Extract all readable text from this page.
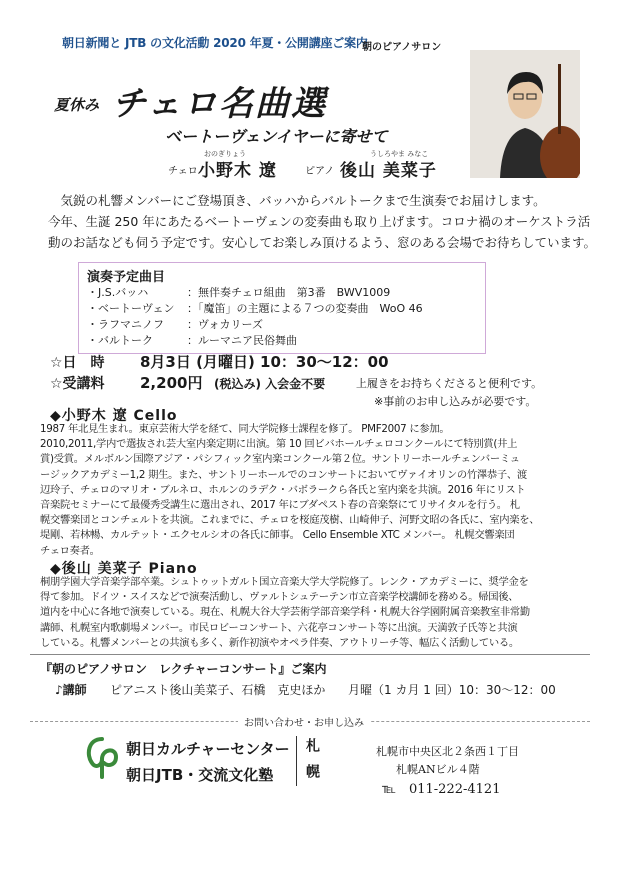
朝日新聞と JTB の文化活動 2020 年夏・公開講座ご案内
朝のピアノサロン
夏休み チェロ名曲選
ベートーヴェンイヤーに寄せて
おのぎりょう	うしろやま みなこ
チェロ 小野木 遼	ピアノ 後山 美菜子
　気鋭の札響メンバーにご登場頂き、バッハからバルトークまで生演奏でお届けします。
今年、生誕 250 年にあたるベートーヴェンの変奏曲も取り上げます。コロナ禍のオーケストラ活
動のお話なども伺う予定です。安心してお楽しみ頂けるよう、窓のある会場でお待ちしています。
演奏予定曲目
・J.S.バッハ	：無伴奏チェロ組曲　第3番　BWV1009
・ベートーヴェン	：「魔笛」の主題による７つの変奏曲　WoO 46
・ラフマニノフ	：ヴォカリーズ
・バルトーク	：ルーマニア民俗舞曲
☆日　時 8月3日 (月曜日) 10：30〜12：00
☆受講料 2,200円 (税込み) 入会金不要	上履きをお持ちくださると便利です。
※事前のお申し込みが必要です。
◆小野木 遼 Cello
1987 年北見生まれ。東京芸術大学を経て、同大学院修士課程を修了。 PMF2007 に参加。
2010,2011,学内で選抜され芸大室内楽定期に出演。第 10 回ビバホールチェロコンクールにて特別賞(井上
賞)受賞。メルボルン国際アジア・パシフィック室内楽コンクール第２位。サントリーホールチェンバーミュ
ージックアカデミー1,2 期生。また、サントリーホールでのコンサートにおいてヴァイオリンの竹澤恭子、渡
辺玲子、チェロのマリオ・ブルネロ、ホルンのラデク・バボラークら各氏と室内楽を共演。2016 年にリスト
音楽院セミナーにて最優秀受講生に選出され、2017 年にブダペスト春の音楽祭にてリサイタルを行う。 札
幌交響楽団とコンチェルトを共演。これまでに、チェロを桜庭茂樹、山崎伸子、河野文昭の各氏に、室内楽を、
堤剛、若林暢、カルテット・エクセルシオの各氏に師事。 Cello Ensemble XTC メンバー。 札幌交響楽団
チェロ奏者。
◆後山 美菜子 Piano
桐朋学園大学音楽学部卒業。シュトゥットガルト国立音楽大学大学院修了。レンク・アカデミーに、奨学金を
得て参加。ドイツ・スイスなどで演奏活動し、ヴァルトシュテーテン市立音楽学校講師を務める。帰国後、
道内を中心に各地で演奏している。現在、札幌大谷大学芸術学部音楽学科・札幌大谷学園附属音楽教室非常勤
講師、札幌室内歌劇場メンバー。市民ロビーコンサート、六花亭コンサート等に出演。天満敦子氏等と共演
している。札響メンバーとの共演も多く、新作初演やオペラ伴奏、アウトリーチ等、幅広く活動している。
『朝のピアノサロン　レクチャーコンサート』ご案内
♪講師 ピアニスト後山美菜子、石橋　克史ほか 月曜（1 カ月 1 回）10：30〜12：00
お問い合わせ・お申し込み
朝日カルチャーセンター
朝日JTB・交流文化塾 札幌	札幌市中央区北２条西１丁目
札幌ANビル４階
℡　011-222-4121
